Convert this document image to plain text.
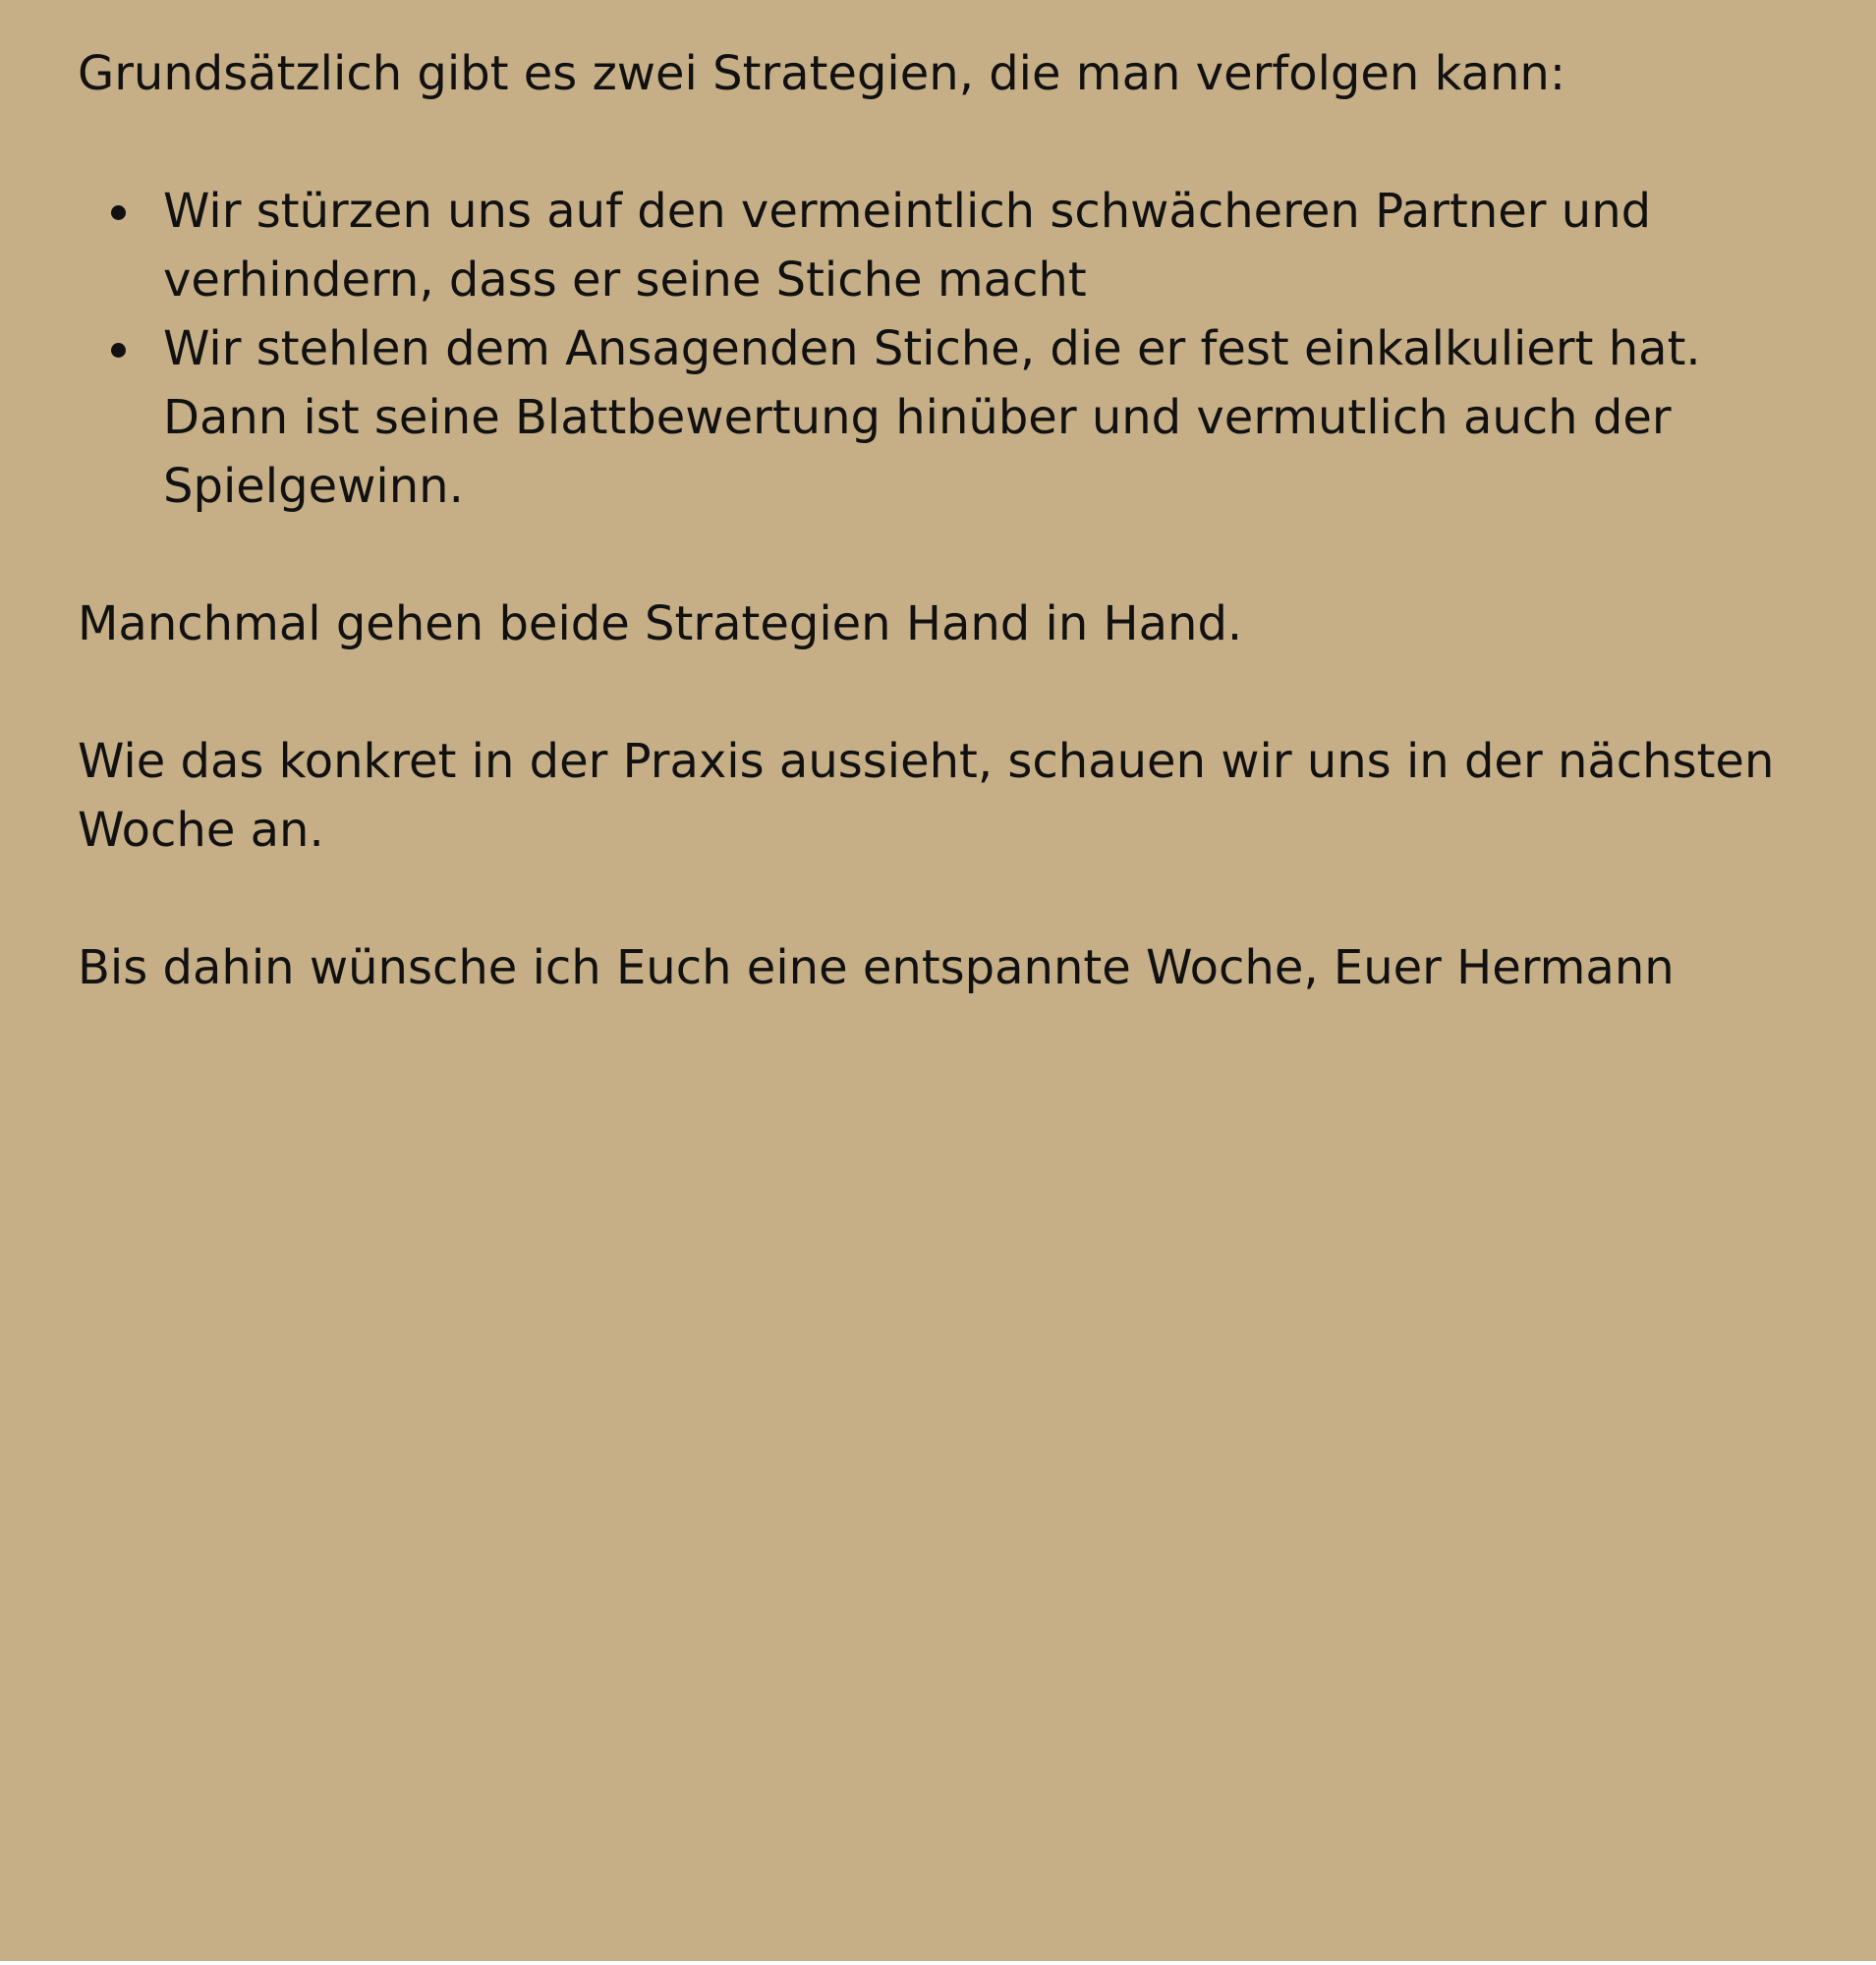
Grundsätzlich gibt es zwei Strategien, die man verfolgen kann:

Wir stürzen uns auf den vermeintlich schwächeren Partner und verhindern, dass er seine Stiche macht
Wir stehlen dem Ansagenden Stiche, die er fest einkalkuliert hat. Dann ist seine Blattbewertung hinüber und vermutlich auch der Spielgewinn.

Manchmal gehen beide Strategien Hand in Hand.

Wie das konkret in der Praxis aussieht, schauen wir uns in der nächsten Woche an.

Bis dahin wünsche ich Euch eine entspannte Woche, Euer Hermann
